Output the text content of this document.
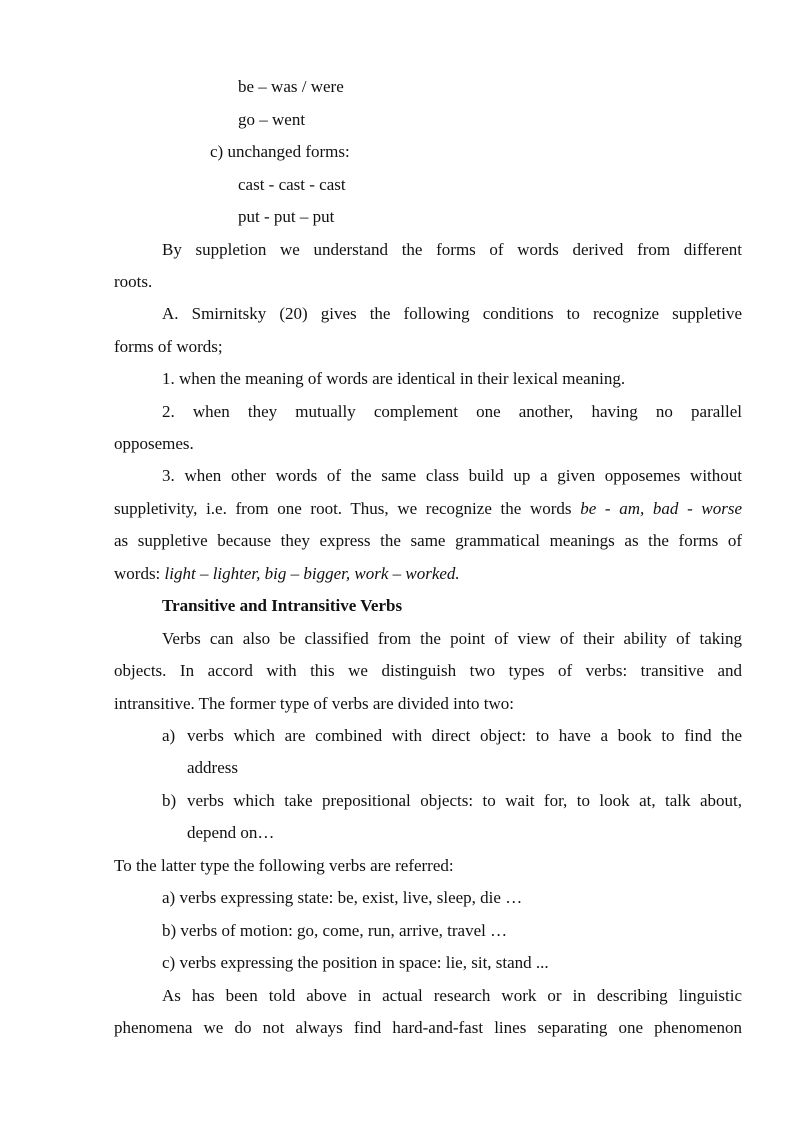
be – was / were
go – went
c) unchanged forms:
cast - cast - cast
put - put – put
By suppletion we understand the forms of words derived from different
roots.
A. Smirnitsky (20) gives the following conditions to recognize suppletive
forms of words;
1. when the meaning of words are identical in their lexical meaning.
2. when they mutually complement one another, having no parallel
opposemes.
3. when other words of the same class build up a given opposemes without
suppletivity, i.e. from one root. Thus, we recognize the words be - am, bad - worse
as suppletive because they express the same grammatical meanings as the forms of
words: light – lighter, big – bigger, work – worked.
Transitive and Intransitive Verbs
Verbs can also be classified from the point of view of their ability of taking
objects. In accord with this we distinguish two types of verbs: transitive and
intransitive. The former type of verbs are divided into two:
a) verbs which are combined with direct object: to have a book to find the
address
b) verbs which take prepositional objects: to wait for, to look at, talk about,
depend on…
To the latter type the following verbs are referred:
a) verbs expressing state: be, exist, live, sleep, die …
b) verbs of motion: go, come, run, arrive, travel …
c) verbs expressing the position in space: lie, sit, stand ...
As has been told above in actual research work or in describing linguistic
phenomena we do not always find hard-and-fast lines separating one phenomenon
